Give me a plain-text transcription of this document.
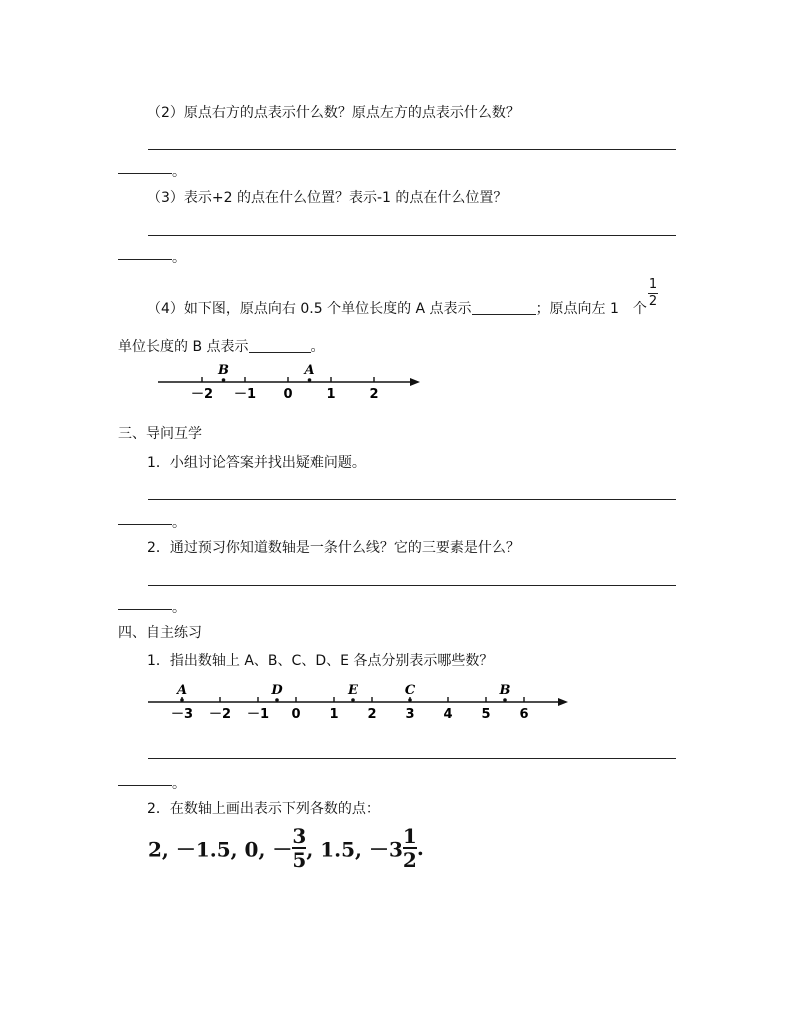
（2）原点右方的点表示什么数？原点左方的点表示什么数？
。
（3）表示+2 的点在什么位置？表示-1 的点在什么位置？
。
（4）如下图，原点向右 0.5 个单位长度的 A 点表示	；原点向左 1 个
1
2
单位长度的 B 点表示	。
－2 －1 0	1	2
B	A
三、导问互学
1．小组讨论答案并找出疑难问题。
。
2．通过预习你知道数轴是一条什么线？它的三要素是什么？
。
四、自主练习
1．指出数轴上 A、B、C、D、E 各点分别表示哪些数？
－3 －2 －1 0 1 2 3 4 5 6
A	D	E	C	B
。
2．在数轴上画出表示下列各数的点：
2, －1.5, 0, － $\frac{3}{5}$ , 1.5, $-3 \frac{1}{2}$ .
